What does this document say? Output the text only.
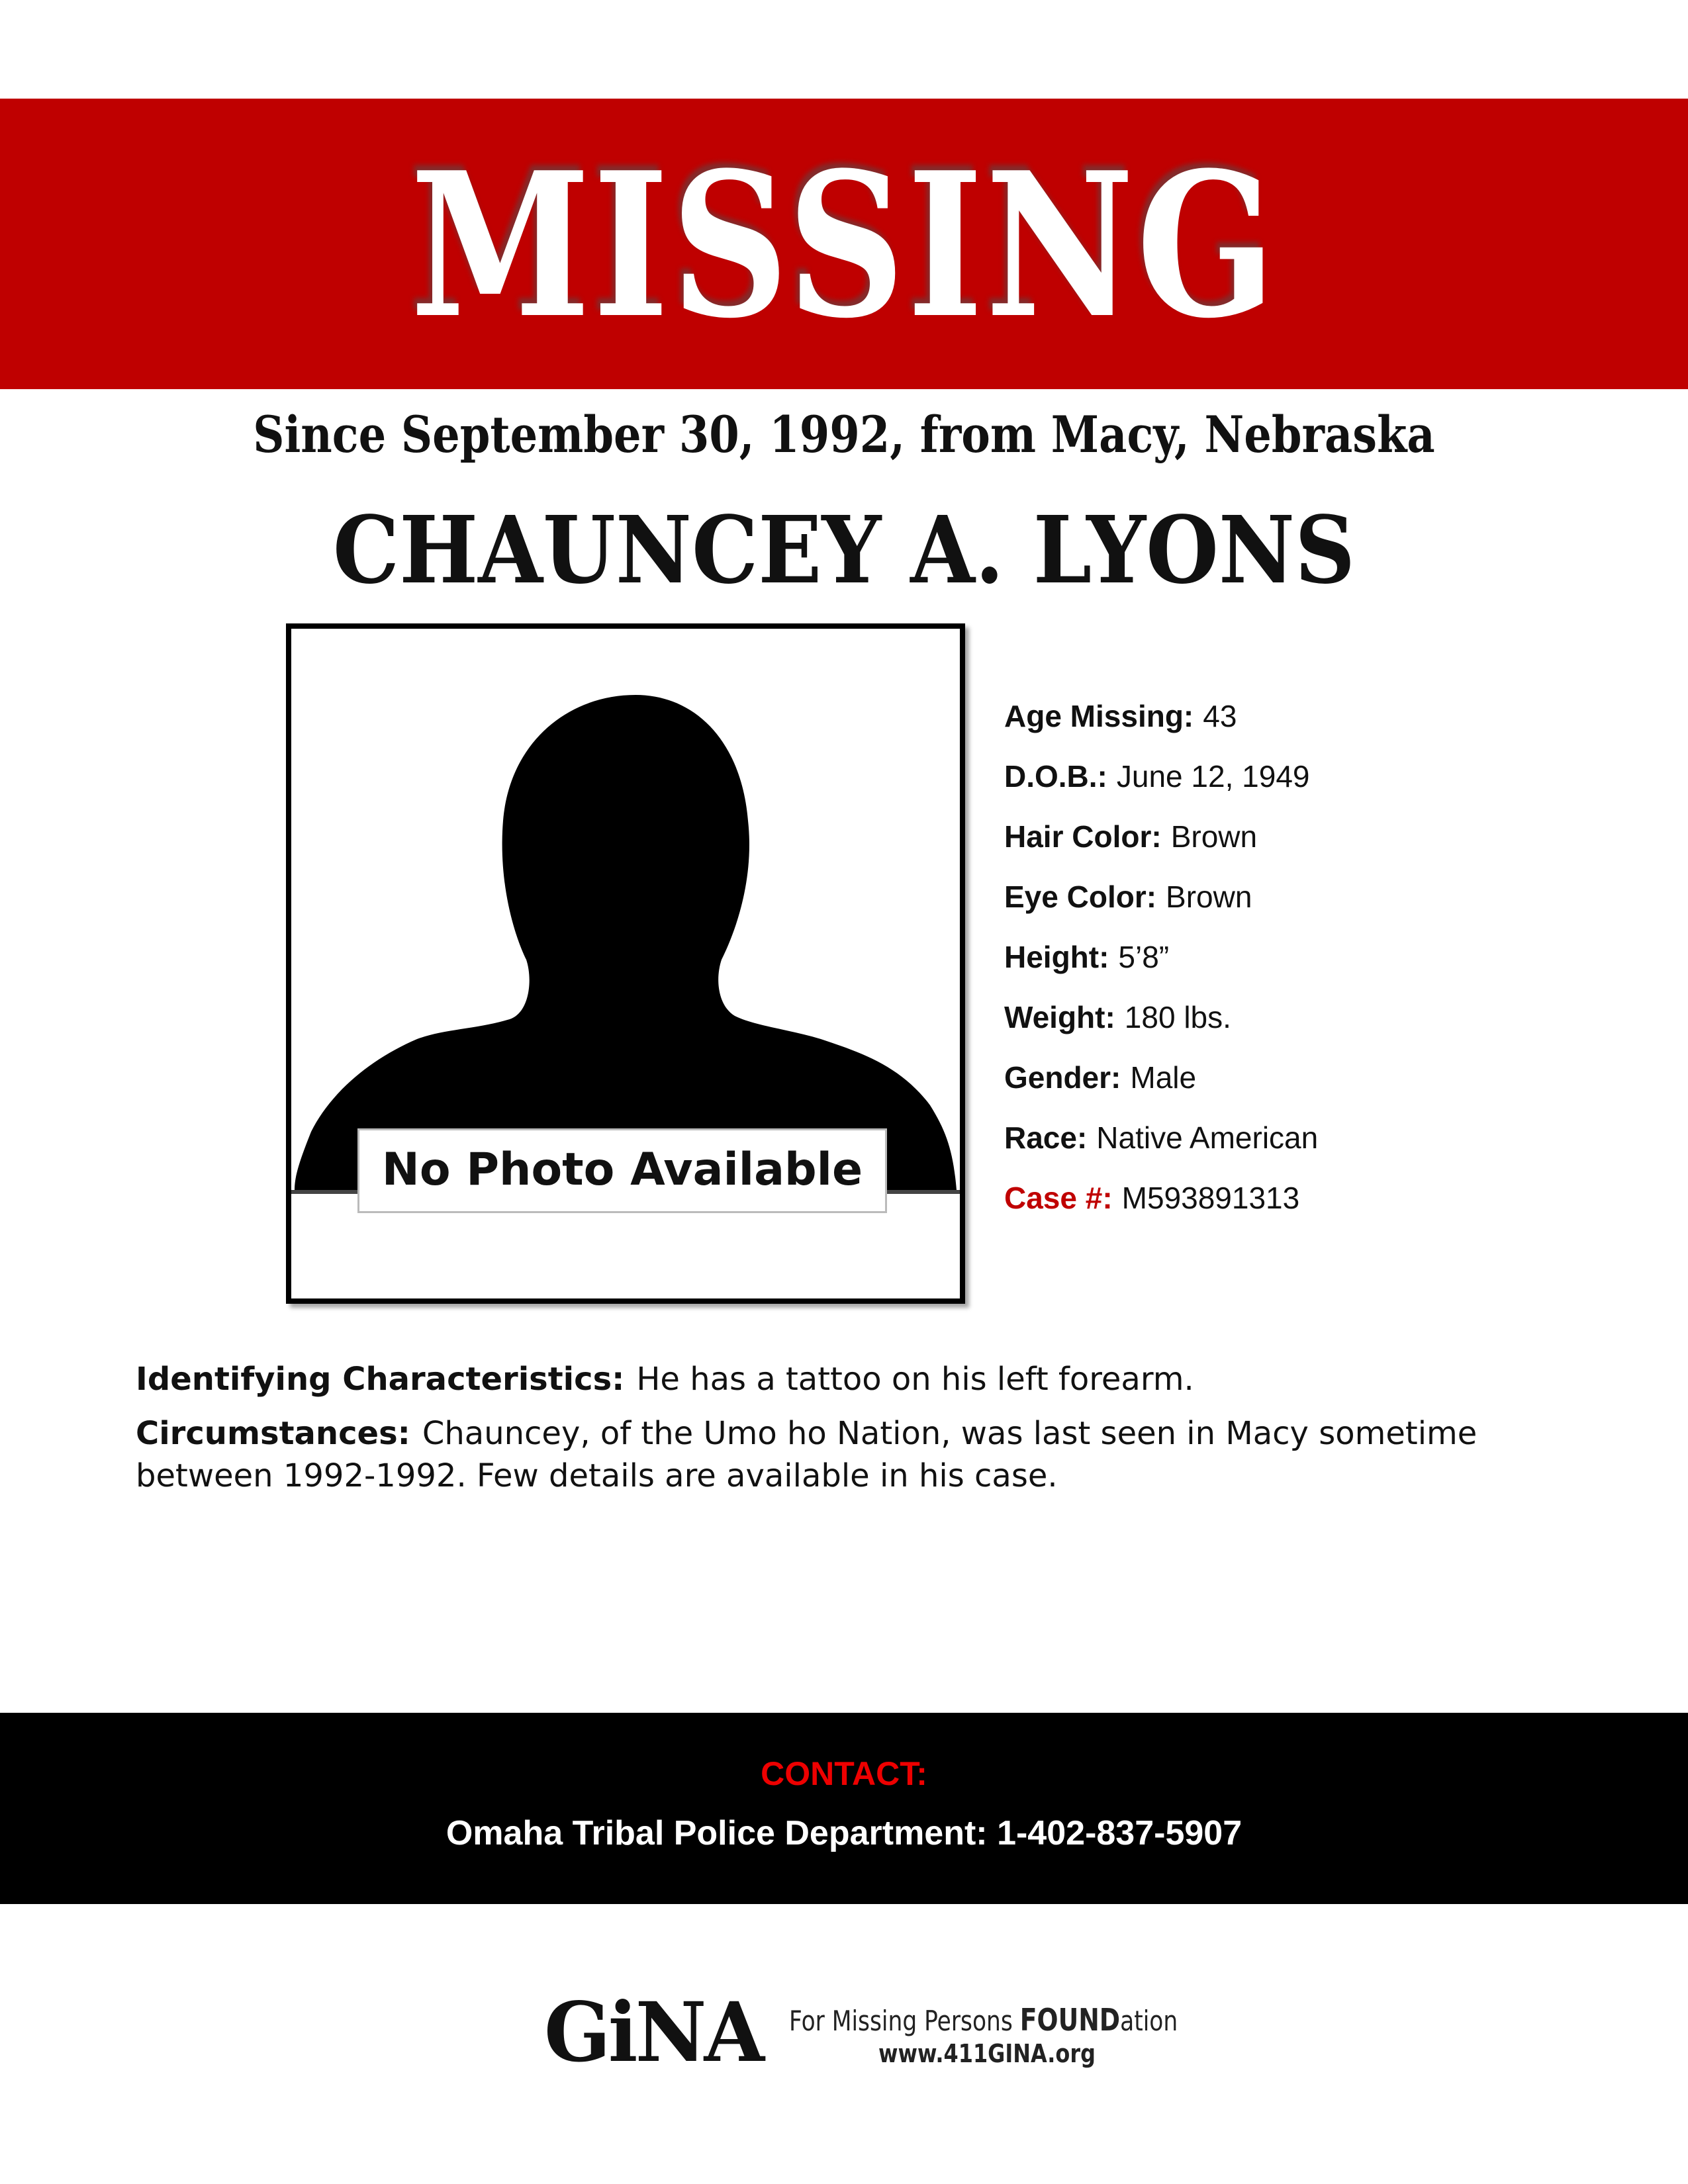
MISSING
Since September 30, 1992, from Macy, Nebraska
CHAUNCEY A. LYONS
No Photo Available
Age Missing: 43
D.O.B.: June 12, 1949
Hair Color: Brown
Eye Color: Brown
Height: 5’8”
Weight: 180 lbs.
Gender: Male
Race: Native American
Case #: M593891313
Identifying Characteristics: He has a tattoo on his left forearm.
Circumstances: Chauncey, of the Umo ho Nation, was last seen in Macy sometime
between 1992-1992. Few details are available in his case.
CONTACT:
Omaha Tribal Police Department: 1-402-837-5907
GiNA For Missing Persons FOUNDation
www.411GINA.org
